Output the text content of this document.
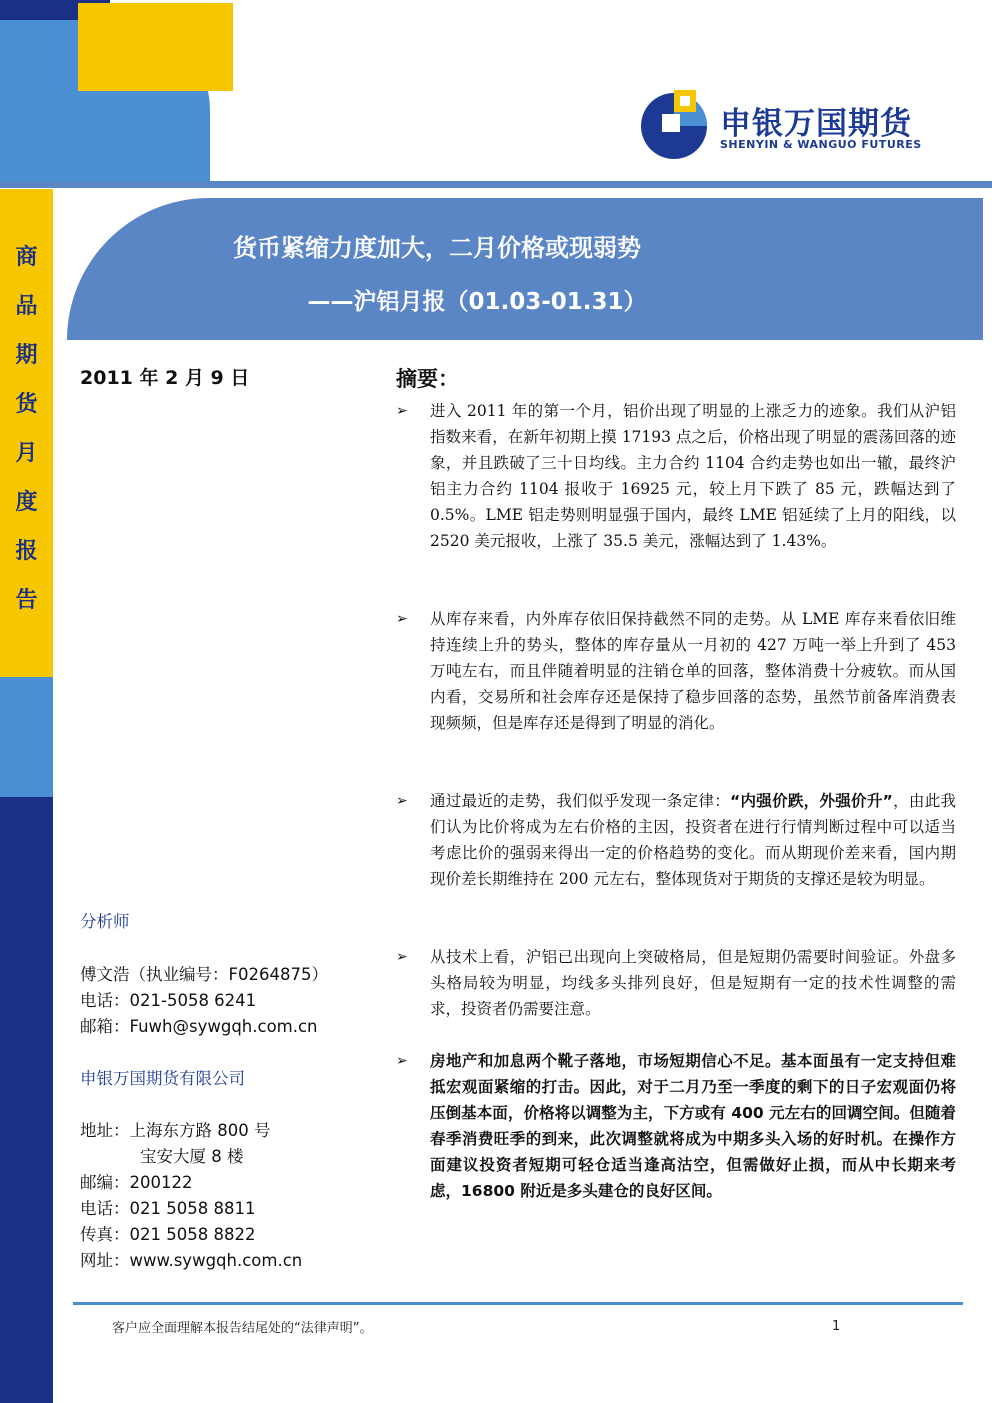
申银万国期货
SHENYIN & WANGUO FUTURES
商
品
期
货
月
度
报
告
货币紧缩力度加大，二月价格或现弱势
——沪铝月报（01.03-01.31）
2011 年 2 月 9 日
分析师
傅文浩（执业编号：F0264875）
电话：021-5058 6241
邮箱：Fuwh@sywgqh.com.cn
申银万国期货有限公司
地址：上海东方路 800 号
宝安大厦 8 楼
邮编：200122
电话：021 5058 8811
传真：021 5058 8822
网址：www.sywgqh.com.cn
摘要：
➢ 进入 2011 年的第一个月，铝价出现了明显的上涨乏力的迹象。我们从沪铝指数来看，在新年初期上摸 17193 点之后，价格出现了明显的震荡回落的迹象，并且跌破了三十日均线。主力合约 1104 合约走势也如出一辙，最终沪铝主力合约 1104 报收于 16925 元，较上月下跌了 85 元，跌幅达到了 0.5%。LME 铝走势则明显强于国内，最终 LME 铝延续了上月的阳线，以 2520 美元报收，上涨了 35.5 美元，涨幅达到了 1.43%。
➢ 从库存来看，内外库存依旧保持截然不同的走势。从 LME 库存来看依旧维持连续上升的势头，整体的库存量从一月初的 427 万吨一举上升到了 453 万吨左右，而且伴随着明显的注销仓单的回落，整体消费十分疲软。而从国内看，交易所和社会库存还是保持了稳步回落的态势，虽然节前备库消费表现频频，但是库存还是得到了明显的消化。
➢ 通过最近的走势，我们似乎发现一条定律：“内强价跌，外强价升”，由此我们认为比价将成为左右价格的主因，投资者在进行行情判断过程中可以适当考虑比价的强弱来得出一定的价格趋势的变化。而从期现价差来看，国内期现价差长期维持在 200 元左右，整体现货对于期货的支撑还是较为明显。
➢ 从技术上看，沪铝已出现向上突破格局，但是短期仍需要时间验证。外盘多头格局较为明显，均线多头排列良好，但是短期有一定的技术性调整的需求，投资者仍需要注意。
➢ 房地产和加息两个靴子落地，市场短期信心不足。基本面虽有一定支持但难抵宏观面紧缩的打击。因此，对于二月乃至一季度的剩下的日子宏观面仍将压倒基本面，价格将以调整为主，下方或有 400 元左右的回调空间。但随着春季消费旺季的到来，此次调整就将成为中期多头入场的好时机。在操作方面建议投资者短期可轻仓适当逢高沽空，但需做好止损，而从中长期来考虑，16800 附近是多头建仓的良好区间。
客户应全面理解本报告结尾处的“法律声明”。	1
